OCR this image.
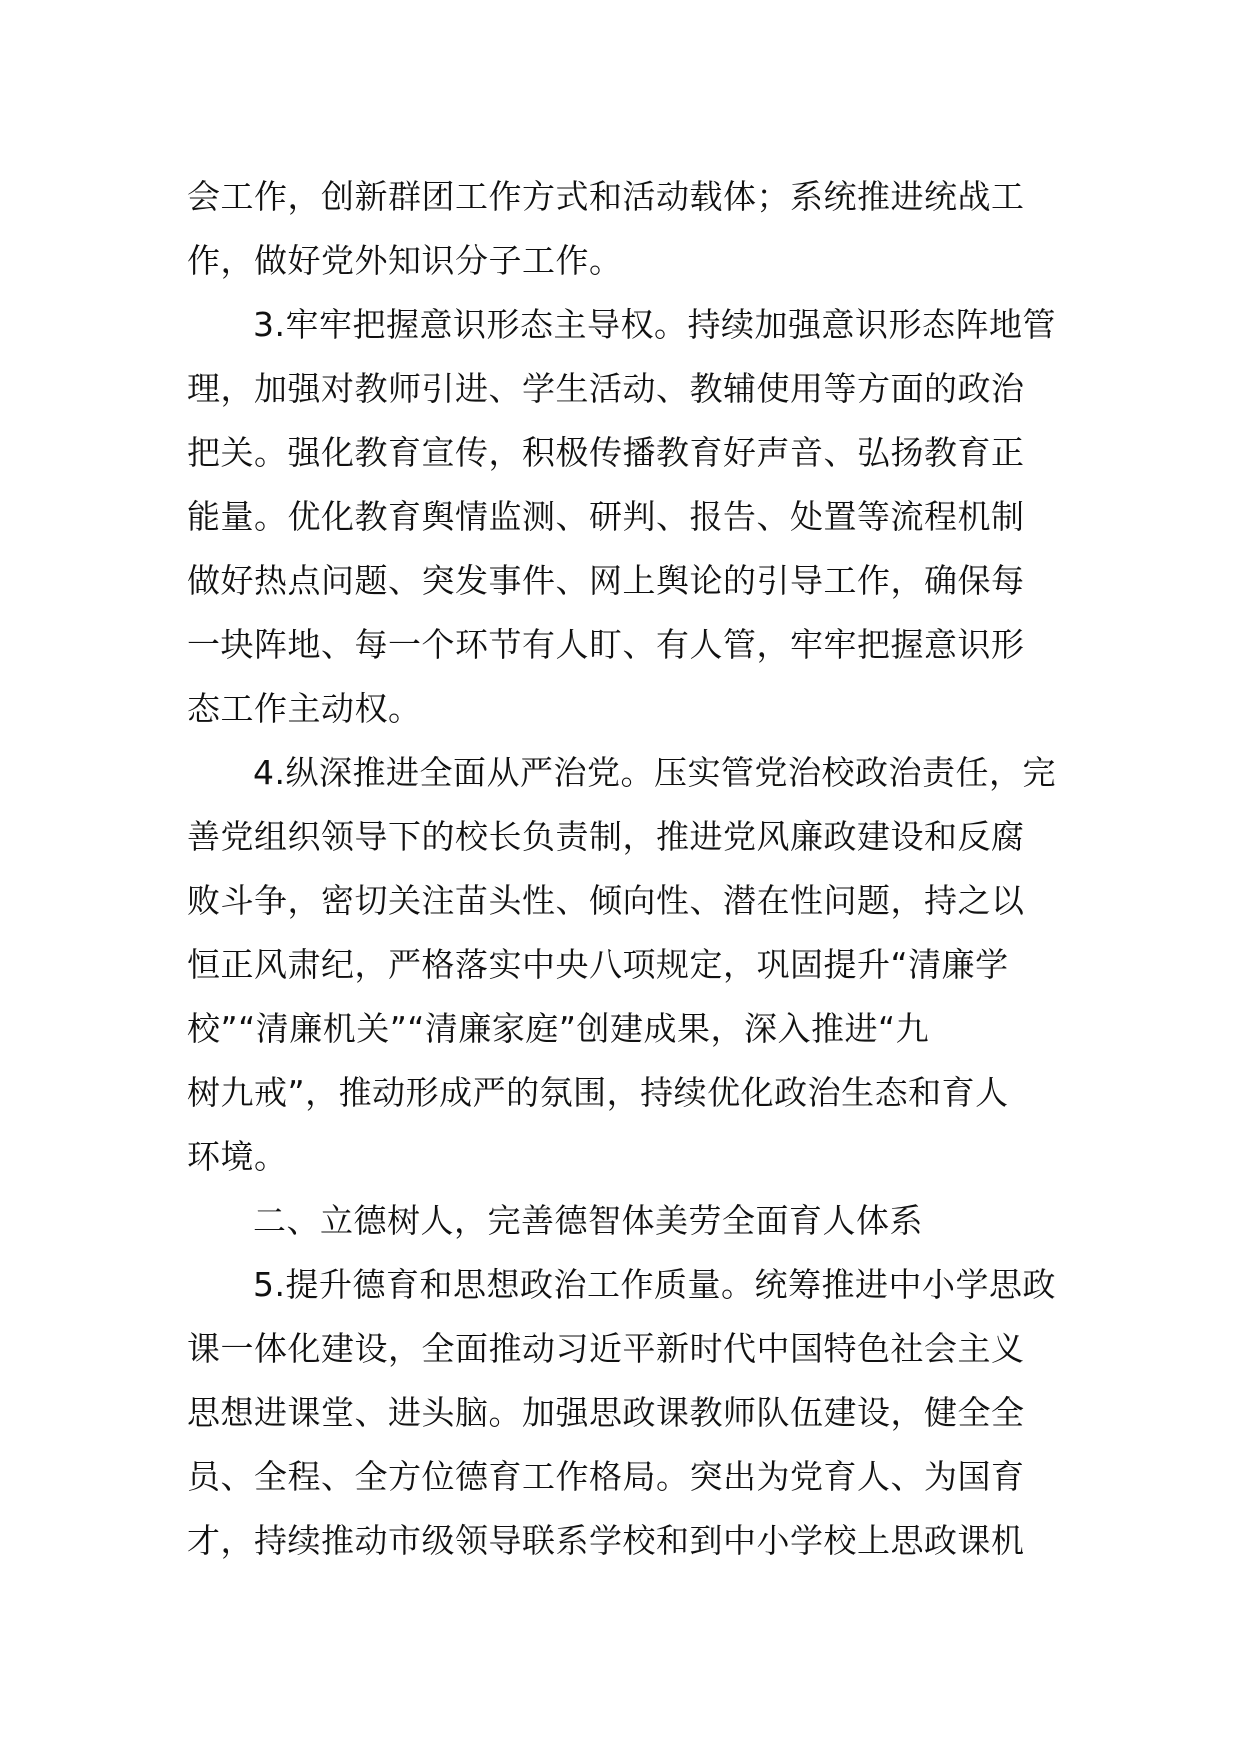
会工作，创新群团工作方式和活动载体；系统推进统战工
作，做好党外知识分子工作。
3.牢牢把握意识形态主导权。持续加强意识形态阵地管
理，加强对教师引进、学生活动、教辅使用等方面的政治
把关。强化教育宣传，积极传播教育好声音、弘扬教育正
能量。优化教育舆情监测、研判、报告、处置等流程机制
做好热点问题、突发事件、网上舆论的引导工作，确保每
一块阵地、每一个环节有人盯、有人管，牢牢把握意识形
态工作主动权。
4.纵深推进全面从严治党。压实管党治校政治责任，完
善党组织领导下的校长负责制，推进党风廉政建设和反腐
败斗争，密切关注苗头性、倾向性、潜在性问题，持之以
恒正风肃纪，严格落实中央八项规定，巩固提升“清廉学
校”“清廉机关”“清廉家庭”创建成果，深入推进“九
树九戒”，推动形成严的氛围，持续优化政治生态和育人
环境。
二、立德树人，完善德智体美劳全面育人体系
5.提升德育和思想政治工作质量。统筹推进中小学思政
课一体化建设，全面推动习近平新时代中国特色社会主义
思想进课堂、进头脑。加强思政课教师队伍建设，健全全
员、全程、全方位德育工作格局。突出为党育人、为国育
才，持续推动市级领导联系学校和到中小学校上思政课机
